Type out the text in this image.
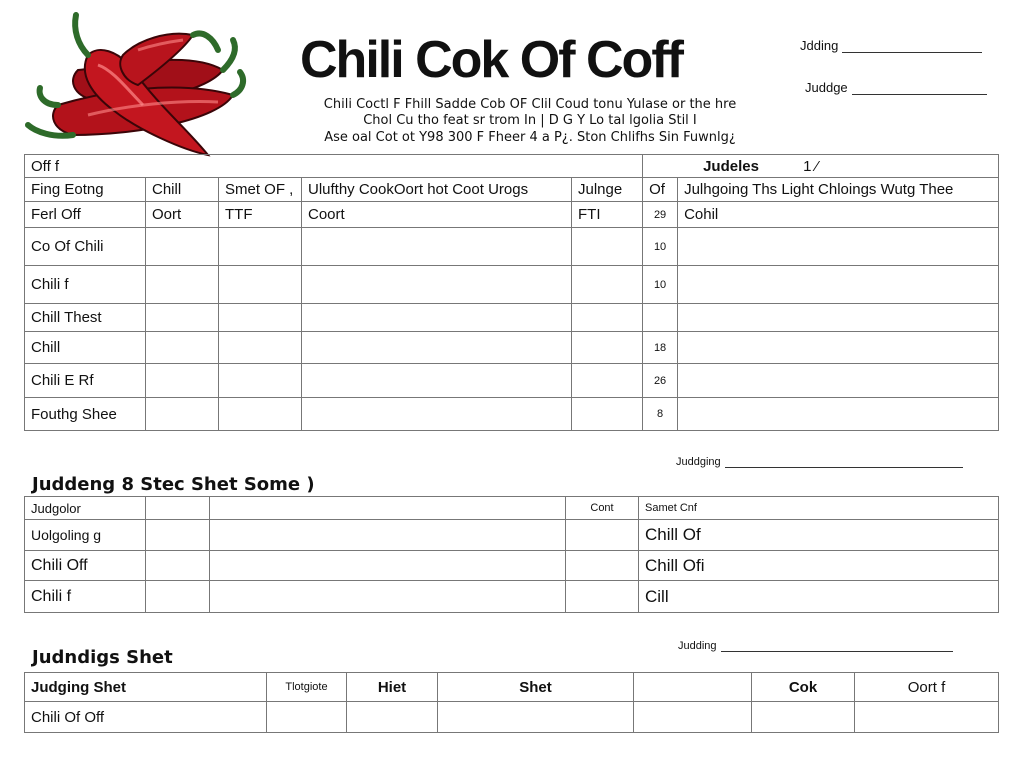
Chili Cok Of Coff
Chili Coctl F Fhill Sadde Cob OF Clil Coud tonu Yulase or the hre
Chol Cu tho feat sr trom In | D G Y Lo tal lgolia Stil I
Ase oal Cot ot Y98 300 F Fheer 4 a P¿. Ston Chlifhs Sin Fuwnlg¿
Jdding
Juddge
Off f					Judeles 1 ⁄	
Fing Eotng	Chill	Smet OF ,	Ulufthy CookOort hot Coot Urogs	Julnge	Of	Julhgoing Ths Light Chloings Wutg Thee
Ferl Off	Oort	TTF	Coort	FTI	29	Cohil
Co Of Chili					10	
Chili f					10	
Chill Thest						
Chill					18	
Chili E Rf					26	
Fouthg Shee					8	
Juddging
Juddeng 8 Stec Shet Some )
Judgolor			Cont	Samet Cnf
Uolgoling g				Chill Of
Chili Off				Chill Ofi
Chili f				Cill
Judding
Judndigs Shet
Judging Shet	Tlotgiote	Hiet	Shet		Cok	Oort f
Chili Of Off						
